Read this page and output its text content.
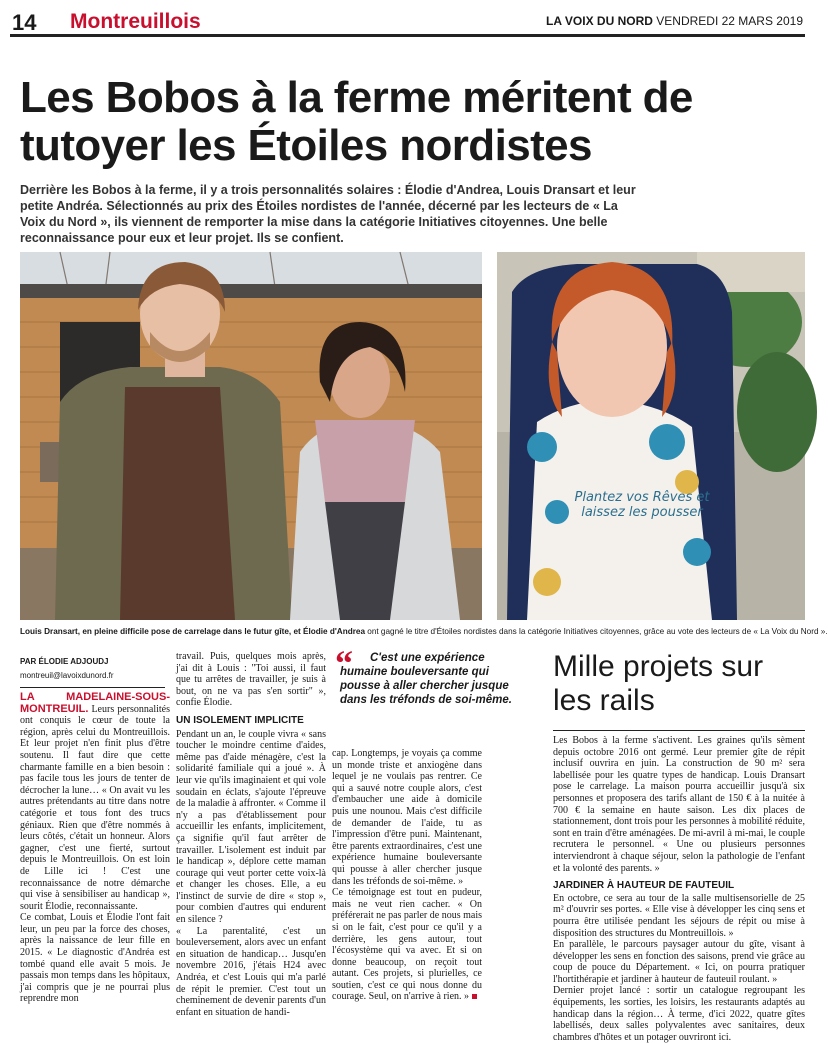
14 Montreuillois	LA VOIX DU NORD VENDREDI 22 MARS 2019
Les Bobos à la ferme méritent de tutoyer les Étoiles nordistes
Derrière les Bobos à la ferme, il y a trois personnalités solaires : Élodie d'Andrea, Louis Dransart et leur petite Andréa. Sélectionnés au prix des Étoiles nordistes de l'année, décerné par les lecteurs de « La Voix du Nord », ils viennent de remporter la mise dans la catégorie Initiatives citoyennes. Une belle reconnaissance pour eux et leur projet. Ils se confient.
Plantez vos Rêves et laissez les pousser
Louis Dransart, en pleine difficile pose de carrelage dans le futur gîte, et Élodie d'Andrea ont gagné le titre d'Étoiles nordistes dans la catégorie Initiatives citoyennes, grâce au vote des lecteurs de « La Voix du Nord ».
PAR ÉLODIE ADJOUDJ
montreuil@lavoixdunord.fr

LA MADELAINE-SOUS-MONTREUIL. Leurs personnalités ont conquis le cœur de toute la région, après celui du Montreuillois. Et leur projet n'en finit plus d'être soutenu. Il faut dire que cette charmante famille en a bien besoin : pas facile tous les jours de tenter de décrocher la lune… « On avait vu les autres prétendants au titre dans notre catégorie et tous font des trucs géniaux. Rien que d'être nommés à leurs côtés, c'était un honneur. Alors gagner, c'est une fierté, surtout depuis le Montreuillois. On est loin de Lille ici ! C'est une reconnaissance de notre démarche qui vise à sensibiliser au handicap », sourit Élodie, reconnaissante.

Ce combat, Louis et Élodie l'ont fait leur, un peu par la force des choses, après la naissance de leur fille en 2015. « Le diagnostic d'Andréa est tombé quand elle avait 5 mois. Je passais mon temps dans les hôpitaux, j'ai compris que je ne pourrai plus reprendre mon

travail. Puis, quelques mois après, j'ai dit à Louis : "Toi aussi, il faut que tu arrêtes de travailler, je suis à bout, on ne va pas s'en sortir" », confie Élodie.

UN ISOLEMENT IMPLICITE

Pendant un an, le couple vivra « sans toucher le moindre centime d'aides, même pas d'aide ménagère, c'est la solidarité familiale qui a joué ». À leur vie qu'ils imaginaient et qui vole soudain en éclats, s'ajoute l'épreuve de la maladie à affronter. « Comme il n'y a pas d'établissement pour accueillir les enfants, implicitement, ça signifie qu'il faut arrêter de travailler. L'isolement est induit par le handicap », déplore cette maman courage qui veut porter cette voix-là et changer les choses. Elle, a eu l'instinct de survie de dire « stop », pour combien d'autres qui endurent en silence ?

« La parentalité, c'est un bouleversement, alors avec un enfant en situation de handicap… Jusqu'en novembre 2016, j'étais H24 avec Andréa, et c'est Louis qui m'a parlé de répit le premier. C'est tout un cheminement de devenir parents d'un enfant en situation de handi-

“	C'est une expérience humaine bouleversante qui pousse à aller chercher jusque dans les tréfonds de soi-même.

cap. Longtemps, je voyais ça comme un monde triste et anxiogène dans lequel je ne voulais pas rentrer. Ce qui a sauvé notre couple alors, c'est d'embaucher une aide à domicile puis une nounou. Mais c'est difficile de demander de l'aide, tu as l'impression d'être puni. Maintenant, être parents extraordinaires, c'est une expérience humaine bouleversante qui pousse à aller chercher jusque dans les tréfonds de soi-même. »

Ce témoignage est tout en pudeur, mais ne veut rien cacher. « On préférerait ne pas parler de nous mais si on le fait, c'est pour ce qu'il y a derrière, les gens autour, tout l'écosystème qui va avec. Et si on donne beaucoup, on reçoit tout autant. Ces projets, si plurielles, ce soutien, c'est ce qui nous donne du courage. Seul, on n'arrive à rien. »

Mille projets sur les rails

Les Bobos à la ferme s'activent. Les graines qu'ils sèment depuis octobre 2016 ont germé. Leur premier gîte de répit inclusif ouvrira en juin. La construction de 90 m² sera labellisée pour les quatre types de handicap. Louis Dransart pose le carrelage. La maison pourra accueillir jusqu'à six personnes et proposera des tarifs allant de 150 € à la nuitée à 700 € la semaine en haute saison. Les dix places de stationnement, dont trois pour les personnes à mobilité réduite, sont en train d'être aménagées. De mi-avril à mi-mai, le couple recrutera le personnel. « Une ou plusieurs personnes interviendront à chaque séjour, selon la pathologie de l'enfant et la volonté des parents. »

JARDINER À HAUTEUR DE FAUTEUIL

En octobre, ce sera au tour de la salle multisensorielle de 25 m² d'ouvrir ses portes. « Elle vise à développer les cinq sens et pourra être utilisée pendant les séjours de répit ou mise à disposition des structures du Montreuillois. »

En parallèle, le parcours paysager autour du gîte, visant à développer les sens en fonction des saisons, prend vie grâce au coup de pouce du Département. « Ici, on pourra pratiquer l'hortithérapie et jardiner à hauteur de fauteuil roulant. »

Dernier projet lancé : sortir un catalogue regroupant les équipements, les sorties, les loisirs, les restaurants adaptés au handicap dans la région… À terme, d'ici 2022, quatre gîtes labellisés, deux salles polyvalentes avec sanitaires, deux chambres d'hôtes et un potager ouvriront ici.
